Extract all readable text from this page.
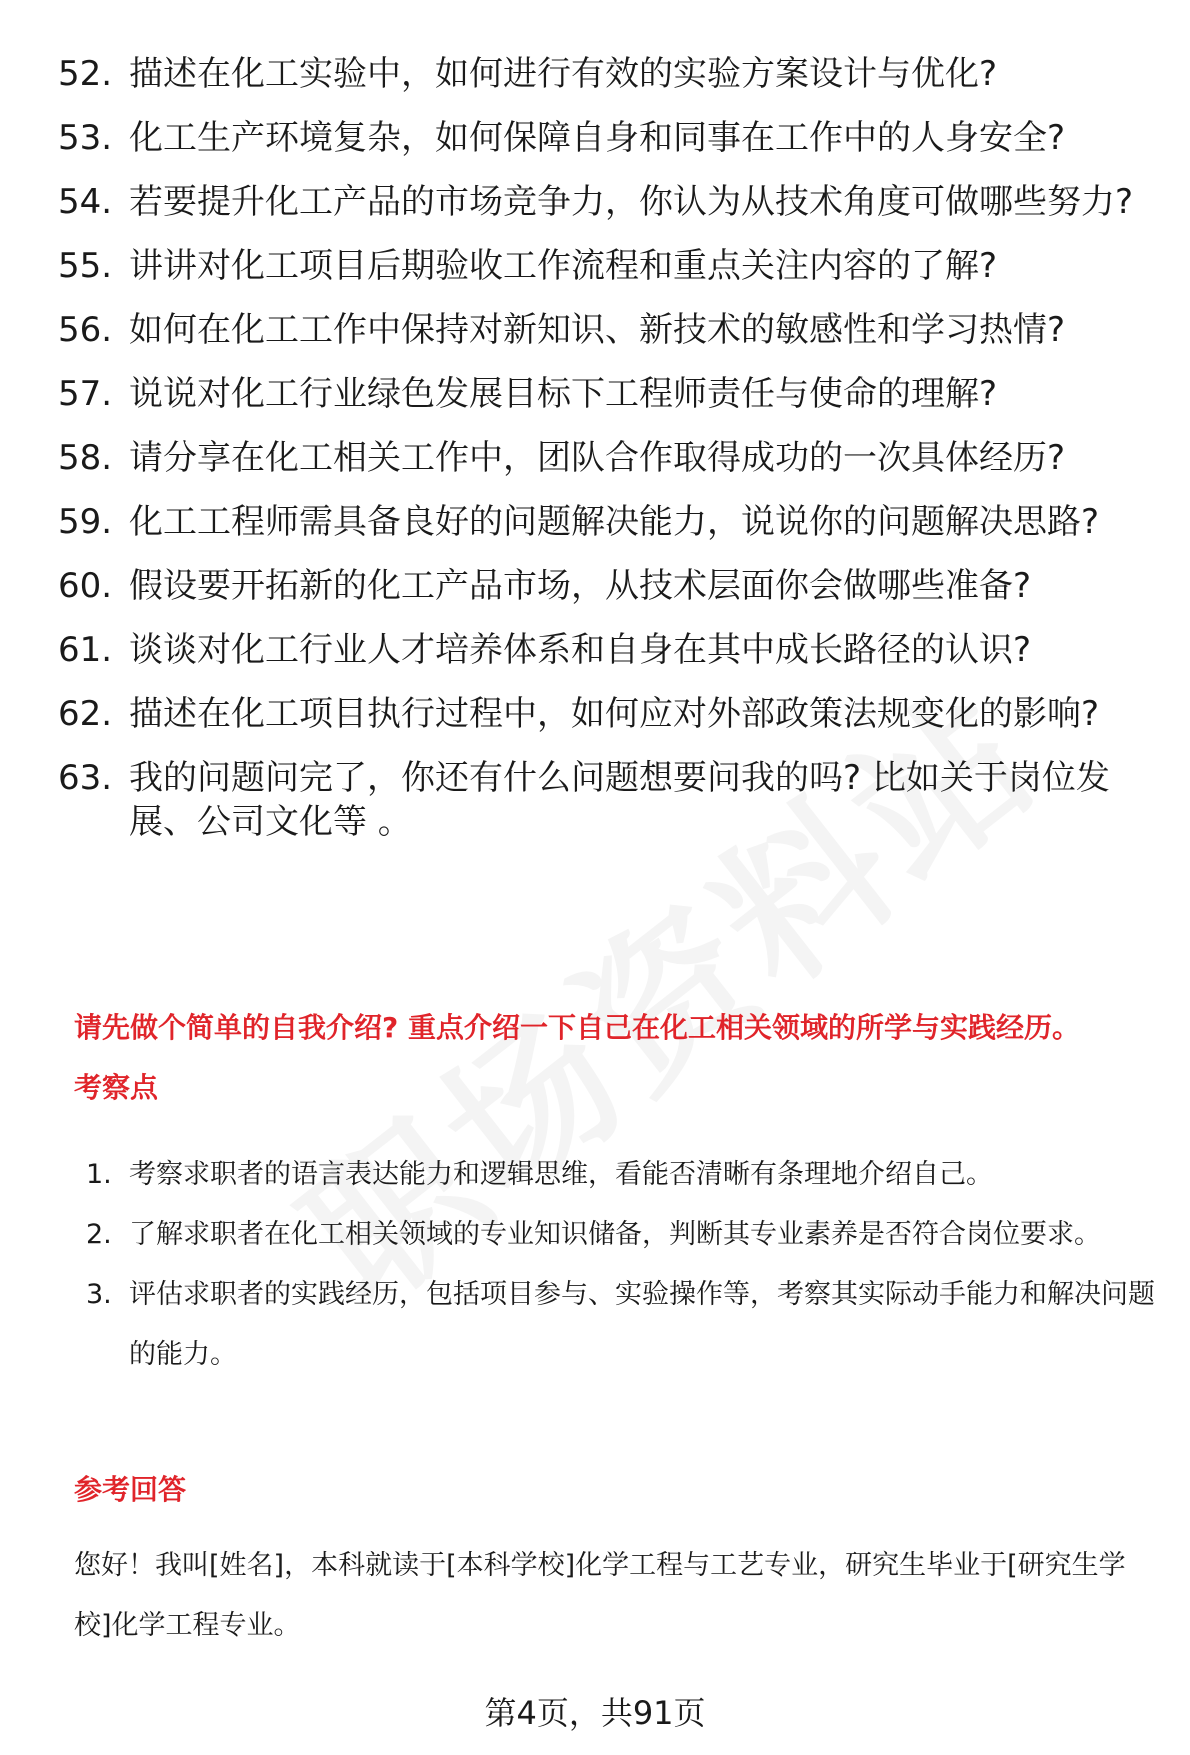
52. 描述在化工实验中，如何进行有效的实验方案设计与优化?
53. 化工生产环境复杂，如何保障自身和同事在工作中的人身安全?
54. 若要提升化工产品的市场竞争力，你认为从技术角度可做哪些努力?
55. 讲讲对化工项目后期验收工作流程和重点关注内容的了解?
56. 如何在化工工作中保持对新知识、新技术的敏感性和学习热情?
57. 说说对化工行业绿色发展目标下工程师责任与使命的理解?
58. 请分享在化工相关工作中，团队合作取得成功的一次具体经历?
59. 化工工程师需具备良好的问题解决能力，说说你的问题解决思路?
60. 假设要开拓新的化工产品市场，从技术层面你会做哪些准备?
61. 谈谈对化工行业人才培养体系和自身在其中成长路径的认识?
62. 描述在化工项目执行过程中，如何应对外部政策法规变化的影响?
63. 我的问题问完了，你还有什么问题想要问我的吗? 比如关于岗位发展、公司文化等 。
请先做个简单的自我介绍? 重点介绍一下自己在化工相关领域的所学与实践经历。
考察点
1. 考察求职者的语言表达能力和逻辑思维，看能否清晰有条理地介绍自己。
2. 了解求职者在化工相关领域的专业知识储备，判断其专业素养是否符合岗位要求。
3. 评估求职者的实践经历，包括项目参与、实验操作等，考察其实际动手能力和解决问题的能力。
参考回答
您好！我叫[姓名]，本科就读于[本科学校]化学工程与工艺专业，研究生毕业于[研究生学校]化学工程专业。
第4页，共91页
